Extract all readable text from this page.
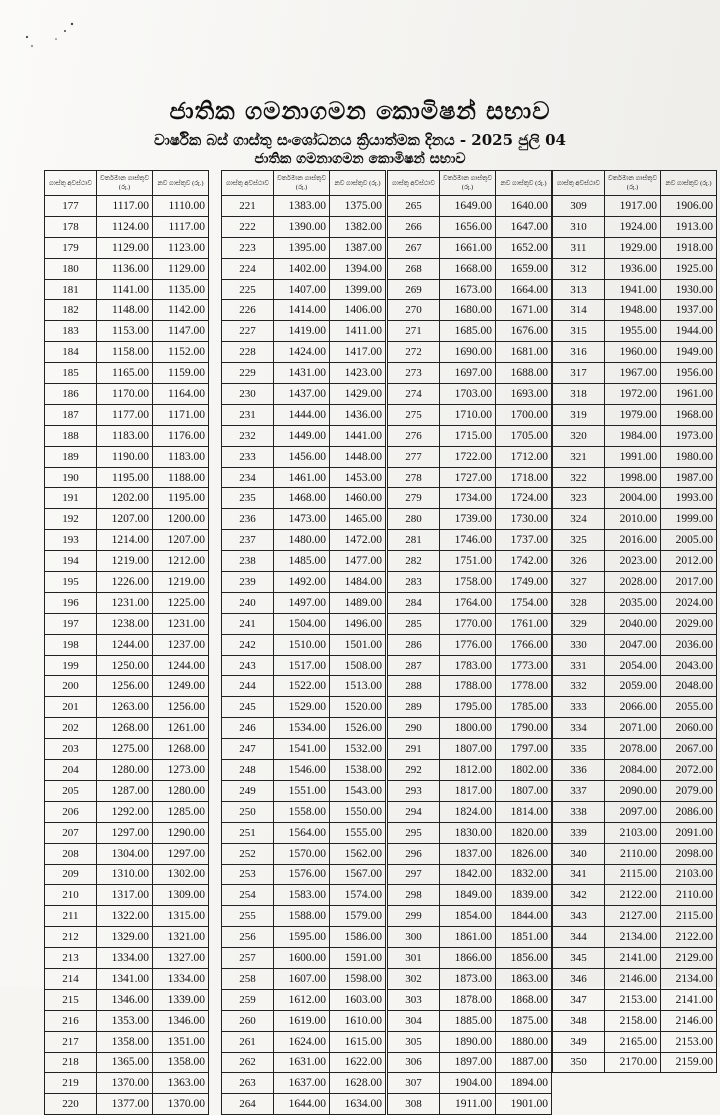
ජාතික ගමනාගමන කොමිෂන් සභාව
වාර්ෂික බස් ගාස්තු සංශෝධනය ක්‍රියාත්මක දිනය - 2025 ජුලි 04
ජාතික ගමනාගමන කොමිෂන් සභාව
ගාස්තු අවස්ථාව	වර්තමාන ගාස්තුව (රු.)	නව ගාස්තුව (රු.)
177	1117.00	1110.00
178	1124.00	1117.00
179	1129.00	1123.00
180	1136.00	1129.00
181	1141.00	1135.00
182	1148.00	1142.00
183	1153.00	1147.00
184	1158.00	1152.00
185	1165.00	1159.00
186	1170.00	1164.00
187	1177.00	1171.00
188	1183.00	1176.00
189	1190.00	1183.00
190	1195.00	1188.00
191	1202.00	1195.00
192	1207.00	1200.00
193	1214.00	1207.00
194	1219.00	1212.00
195	1226.00	1219.00
196	1231.00	1225.00
197	1238.00	1231.00
198	1244.00	1237.00
199	1250.00	1244.00
200	1256.00	1249.00
201	1263.00	1256.00
202	1268.00	1261.00
203	1275.00	1268.00
204	1280.00	1273.00
205	1287.00	1280.00
206	1292.00	1285.00
207	1297.00	1290.00
208	1304.00	1297.00
209	1310.00	1302.00
210	1317.00	1309.00
211	1322.00	1315.00
212	1329.00	1321.00
213	1334.00	1327.00
214	1341.00	1334.00
215	1346.00	1339.00
216	1353.00	1346.00
217	1358.00	1351.00
218	1365.00	1358.00
219	1370.00	1363.00
220	1377.00	1370.00
ගාස්තු අවස්ථාව	වර්තමාන ගාස්තුව (රු.)	නව ගාස්තුව (රු.)
221	1383.00	1375.00
222	1390.00	1382.00
223	1395.00	1387.00
224	1402.00	1394.00
225	1407.00	1399.00
226	1414.00	1406.00
227	1419.00	1411.00
228	1424.00	1417.00
229	1431.00	1423.00
230	1437.00	1429.00
231	1444.00	1436.00
232	1449.00	1441.00
233	1456.00	1448.00
234	1461.00	1453.00
235	1468.00	1460.00
236	1473.00	1465.00
237	1480.00	1472.00
238	1485.00	1477.00
239	1492.00	1484.00
240	1497.00	1489.00
241	1504.00	1496.00
242	1510.00	1501.00
243	1517.00	1508.00
244	1522.00	1513.00
245	1529.00	1520.00
246	1534.00	1526.00
247	1541.00	1532.00
248	1546.00	1538.00
249	1551.00	1543.00
250	1558.00	1550.00
251	1564.00	1555.00
252	1570.00	1562.00
253	1576.00	1567.00
254	1583.00	1574.00
255	1588.00	1579.00
256	1595.00	1586.00
257	1600.00	1591.00
258	1607.00	1598.00
259	1612.00	1603.00
260	1619.00	1610.00
261	1624.00	1615.00
262	1631.00	1622.00
263	1637.00	1628.00
264	1644.00	1634.00
ගාස්තු අවස්ථාව	වර්තමාන ගාස්තුව (රු.)	නව ගාස්තුව (රු.)
265	1649.00	1640.00
266	1656.00	1647.00
267	1661.00	1652.00
268	1668.00	1659.00
269	1673.00	1664.00
270	1680.00	1671.00
271	1685.00	1676.00
272	1690.00	1681.00
273	1697.00	1688.00
274	1703.00	1693.00
275	1710.00	1700.00
276	1715.00	1705.00
277	1722.00	1712.00
278	1727.00	1718.00
279	1734.00	1724.00
280	1739.00	1730.00
281	1746.00	1737.00
282	1751.00	1742.00
283	1758.00	1749.00
284	1764.00	1754.00
285	1770.00	1761.00
286	1776.00	1766.00
287	1783.00	1773.00
288	1788.00	1778.00
289	1795.00	1785.00
290	1800.00	1790.00
291	1807.00	1797.00
292	1812.00	1802.00
293	1817.00	1807.00
294	1824.00	1814.00
295	1830.00	1820.00
296	1837.00	1826.00
297	1842.00	1832.00
298	1849.00	1839.00
299	1854.00	1844.00
300	1861.00	1851.00
301	1866.00	1856.00
302	1873.00	1863.00
303	1878.00	1868.00
304	1885.00	1875.00
305	1890.00	1880.00
306	1897.00	1887.00
307	1904.00	1894.00
308	1911.00	1901.00
ගාස්තු අවස්ථාව	වර්තමාන ගාස්තුව (රු.)	නව ගාස්තුව (රු.)
309	1917.00	1906.00
310	1924.00	1913.00
311	1929.00	1918.00
312	1936.00	1925.00
313	1941.00	1930.00
314	1948.00	1937.00
315	1955.00	1944.00
316	1960.00	1949.00
317	1967.00	1956.00
318	1972.00	1961.00
319	1979.00	1968.00
320	1984.00	1973.00
321	1991.00	1980.00
322	1998.00	1987.00
323	2004.00	1993.00
324	2010.00	1999.00
325	2016.00	2005.00
326	2023.00	2012.00
327	2028.00	2017.00
328	2035.00	2024.00
329	2040.00	2029.00
330	2047.00	2036.00
331	2054.00	2043.00
332	2059.00	2048.00
333	2066.00	2055.00
334	2071.00	2060.00
335	2078.00	2067.00
336	2084.00	2072.00
337	2090.00	2079.00
338	2097.00	2086.00
339	2103.00	2091.00
340	2110.00	2098.00
341	2115.00	2103.00
342	2122.00	2110.00
343	2127.00	2115.00
344	2134.00	2122.00
345	2141.00	2129.00
346	2146.00	2134.00
347	2153.00	2141.00
348	2158.00	2146.00
349	2165.00	2153.00
350	2170.00	2159.00
